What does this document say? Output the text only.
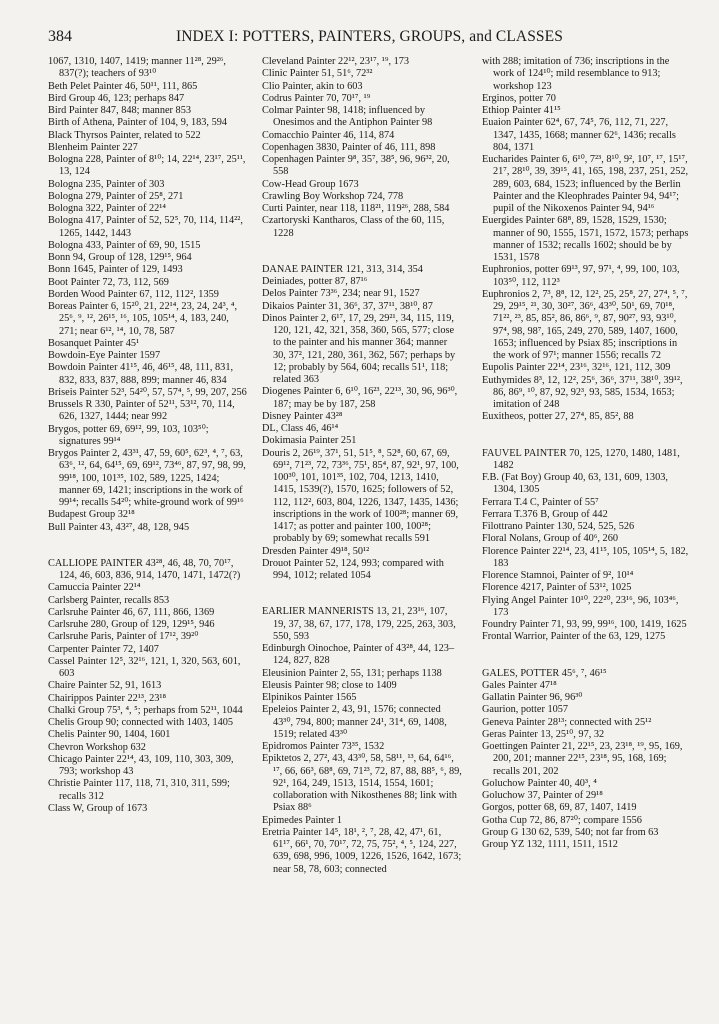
384	INDEX I: POTTERS, PAINTERS, GROUPS, and CLASSES
1067, 1310, 1407, 1419; manner 11²⁸, 29²⁶, 837(?); teachers of 93¹⁰
Beth Pelet Painter 46, 50¹¹, 111, 865
Bird Group 46, 123; perhaps 847
Bird Painter 847, 848; manner 853
Birth of Athena, Painter of 104, 9, 183, 594
Black Thyrsos Painter, related to 522
Blenheim Painter 227
Bologna 228, Painter of 8¹⁰; 14, 22¹⁴, 23¹⁷, 25¹¹, 13, 124
Bologna 235, Painter of 303
Bologna 279, Painter of 25⁸, 271
Bologna 322, Painter of 22¹⁴
Bologna 417, Painter of 52, 52⁵, 70, 114, 114²², 1265, 1442, 1443
Bologna 433, Painter of 69, 90, 1515
Bonn 94, Group of 128, 129¹⁵, 964
Bonn 1645, Painter of 129, 1493
Boot Painter 72, 73, 112, 569
Borden Wood Painter 67, 112, 112², 1359
Boreas Painter 6, 15²⁰, 21, 22¹⁴, 23, 24, 24³, ⁴, 25⁶, ⁹, ¹², 26¹⁵, ¹⁶, 105, 105¹⁴, 4, 183, 240, 271; near 6¹², ¹⁴, 10, 78, 587
Bosanquet Painter 45¹
Bowdoin-Eye Painter 1597
Bowdoin Painter 41¹⁵, 46, 46¹⁵, 48, 111, 831, 832, 833, 837, 888, 899; manner 46, 834
Briseis Painter 52³, 54²⁰, 57, 57⁴, ⁵, 99, 207, 256
Brussels R 330, Painter of 52¹¹, 53¹², 70, 114, 626, 1327, 1444; near 992
Brygos, potter 69, 69¹², 99, 103, 103⁵⁰; signatures 99¹⁴
Brygos Painter 2, 43³¹, 47, 59, 60⁵, 62³, ⁴, ⁷, 63, 63⁶, ¹², 64, 64¹⁵, 69, 69¹², 73⁴⁶, 87, 97, 98, 99, 99¹⁸, 100, 101³⁵, 102, 589, 1225, 1424; manner 69, 1421; inscriptions in the work of 99¹⁴; recalls 54²⁰; white-ground work of 99¹⁶
Budapest Group 32¹⁸
Bull Painter 43, 43²⁷, 48, 128, 945
CALLIOPE PAINTER 43²⁸, 46, 48, 70, 70¹⁷, 124, 46, 603, 836, 914, 1470, 1471, 1472(?)
Camuccia Painter 22¹⁴
Carlsberg Painter, recalls 853
Carlsruhe Painter 46, 67, 111, 866, 1369
Carlsruhe 280, Group of 129, 129¹⁵, 946
Carlsruhe Paris, Painter of 17¹², 39²⁰
Carpenter Painter 72, 1407
Cassel Painter 12⁵, 32¹⁶, 121, 1, 320, 563, 601, 603
Chaire Painter 52, 91, 1613
Chairippos Painter 22¹³, 23¹⁸
Chalki Group 75³, ⁴, ⁵; perhaps from 52¹¹, 1044
Chelis Group 90; connected with 1403, 1405
Chelis Painter 90, 1404, 1601
Chevron Workshop 632
Chicago Painter 22¹⁴, 43, 109, 110, 303, 309, 793; workshop 43
Christie Painter 117, 118, 71, 310, 311, 599; recalls 312
Class W, Group of 1673
Cleveland Painter 22¹², 23¹⁷, ¹⁹, 173
Clinic Painter 51, 51⁶, 72³²
Clio Painter, akin to 603
Codrus Painter 70, 70¹⁷, ¹⁹
Colmar Painter 98, 1418; influenced by Onesimos and the Antiphon Painter 98
Comacchio Painter 46, 114, 874
Copenhagen 3830, Painter of 46, 111, 898
Copenhagen Painter 9⁸, 35⁷, 38⁵, 96, 96³², 20, 558
Cow-Head Group 1673
Crawling Boy Workshop 724, 778
Curti Painter, near 118, 118²¹, 119²⁶, 288, 584
Czartoryski Kantharos, Class of the 60, 115, 1228
DANAE PAINTER 121, 313, 314, 354
Deiniades, potter 87, 87¹⁶
Delos Painter 73³⁶, 234; near 91, 1527
Dikaios Painter 31, 36⁶, 37, 37¹¹, 38¹⁰, 87
Dinos Painter 2, 6¹⁷, 17, 29, 29²¹, 34, 115, 119, 120, 121, 42, 321, 358, 360, 565, 577; close to the painter and his manner 364; manner 30, 37², 121, 280, 361, 362, 567; perhaps by 12; probably by 564, 604; recalls 51¹, 118; related 363
Diogenes Painter 6, 6¹⁰, 16²³, 22¹³, 30, 96, 96³⁰, 187; may be by 187, 258
Disney Painter 43²⁸
DL, Class 46, 46¹⁴
Dokimasia Painter 251
Douris 2, 26¹⁹, 37¹, 51, 51⁵, ⁸, 52⁸, 60, 67, 69, 69¹², 71²³, 72, 73³⁶, 75¹, 85⁴, 87, 92¹, 97, 100, 100³⁰, 101, 101³⁵, 102, 704, 1213, 1410, 1415, 1539(?), 1570, 1625; followers of 52, 112, 112², 603, 804, 1226, 1347, 1435, 1436; inscriptions in the work of 100²⁸; manner 69, 1417; as potter and painter 100, 100²⁸; probably by 69; somewhat recalls 591
Dresden Painter 49¹⁸, 50¹²
Drouot Painter 52, 124, 993; compared with 994, 1012; related 1054
EARLIER MANNERISTS 13, 21, 23¹⁶, 107, 19, 37, 38, 67, 177, 178, 179, 225, 263, 303, 550, 593
Edinburgh Oinochoe, Painter of 43²⁸, 44, 123–124, 827, 828
Eleusinion Painter 2, 55, 131; perhaps 1138
Eleusis Painter 98; close to 1409
Elpinikos Painter 1565
Epeleios Painter 2, 43, 91, 1576; connected 43³⁰, 794, 800; manner 24¹, 31⁴, 69, 1408, 1519; related 43³⁰
Epidromos Painter 73³⁵, 1532
Epiktetos 2, 27², 43, 43³⁰, 58, 58¹¹, ¹³, 64, 64¹⁶, ¹⁷, 66, 66³, 68⁸, 69, 71²³, 72, 87, 88, 88⁵, ⁶, 89, 92¹, 164, 249, 1513, 1514, 1554, 1601; collaboration with Nikosthenes 88; link with Psiax 88⁶
Epimedes Painter 1
Eretria Painter 14⁵, 18¹, ², ⁷, 28, 42, 47¹, 61, 61¹⁷, 66¹, 70, 70¹⁷, 72, 75, 75², ⁴, ⁵, 124, 227, 639, 698, 996, 1009, 1226, 1526, 1642, 1673; near 58, 78, 603; connected
with 288; imitation of 736; inscriptions in the work of 124¹⁰; mild resemblance to 913; workshop 123
Erginos, potter 70
Ethiop Painter 41¹⁵
Euaion Painter 62⁴, 67, 74⁵, 76, 112, 71, 227, 1347, 1435, 1668; manner 62⁶, 1436; recalls 804, 1371
Eucharides Painter 6, 6¹⁰, 7²³, 8¹⁰, 9², 10⁷, ¹⁷, 15¹⁷, 21⁷, 28¹⁰, 39, 39¹⁵, 41, 165, 198, 237, 251, 252, 289, 603, 684, 1523; influenced by the Berlin Painter and the Kleophrades Painter 94, 94¹⁷; pupil of the Nikoxenos Painter 94, 94¹⁶
Euergides Painter 68⁸, 89, 1528, 1529, 1530; manner of 90, 1555, 1571, 1572, 1573; perhaps manner of 1532; recalls 1602; should be by 1531, 1578
Euphronios, potter 69¹³, 97, 97¹, ⁴, 99, 100, 103, 103⁵⁰, 112, 112³
Euphronios 2, 7³, 8⁸, 12, 12², 25, 25⁸, 27, 27⁴, ⁵, ⁷, 29, 29¹⁵, ²¹, 30, 30²⁷, 36⁶, 43³⁰, 50¹, 69, 70¹⁸, 71²², ²³, 85, 85², 86, 86⁶, ⁹, 87, 90²⁷, 93, 93¹⁰, 97⁴, 98, 98⁷, 165, 249, 270, 589, 1407, 1600, 1653; influenced by Psiax 85; inscriptions in the work of 97¹; manner 1556; recalls 72
Eupolis Painter 22¹⁴, 23¹⁶, 32¹⁶, 121, 112, 309
Euthymides 8³, 12, 12², 25⁶, 36⁶, 37¹¹, 38¹⁰, 39¹², 86, 86⁹, ¹⁰, 87, 92, 92³, 93, 585, 1534, 1653; imitation of 248
Euxitheos, potter 27, 27⁴, 85, 85², 88
FAUVEL PAINTER 70, 125, 1270, 1480, 1481, 1482
F.B. (Fat Boy) Group 40, 63, 131, 609, 1303, 1304, 1305
Ferrara T.4 C, Painter of 55⁷
Ferrara T.376 B, Group of 442
Filottrano Painter 130, 524, 525, 526
Floral Nolans, Group of 40⁶, 260
Florence Painter 22¹⁴, 23, 41¹⁵, 105, 105¹⁴, 5, 182, 183
Florence Stamnoi, Painter of 9², 10¹⁴
Florence 4217, Painter of 53¹², 1025
Flying Angel Painter 10¹⁰, 22²⁰, 23¹⁶, 96, 103⁴⁶, 173
Foundry Painter 71, 93, 99, 99¹⁶, 100, 1419, 1625
Frontal Warrior, Painter of the 63, 129, 1275
GALES, POTTER 45⁶, ⁷, 46¹⁵
Gales Painter 47¹⁸
Gallatin Painter 96, 96³⁰
Gaurion, potter 1057
Geneva Painter 28¹³; connected with 25¹²
Geras Painter 13, 25¹⁰, 97, 32
Goettingen Painter 21, 22¹⁵, 23, 23¹⁸, ¹⁹, 95, 169, 200, 201; manner 22¹⁵, 23¹⁸, 95, 168, 169; recalls 201, 202
Goluchow Painter 40, 40³, ⁴
Goluchow 37, Painter of 29¹⁸
Gorgos, potter 68, 69, 87, 1407, 1419
Gotha Cup 72, 86, 87²⁰; compare 1556
Group G 130 62, 539, 540; not far from 63
Group YZ 132, 1111, 1511, 1512
